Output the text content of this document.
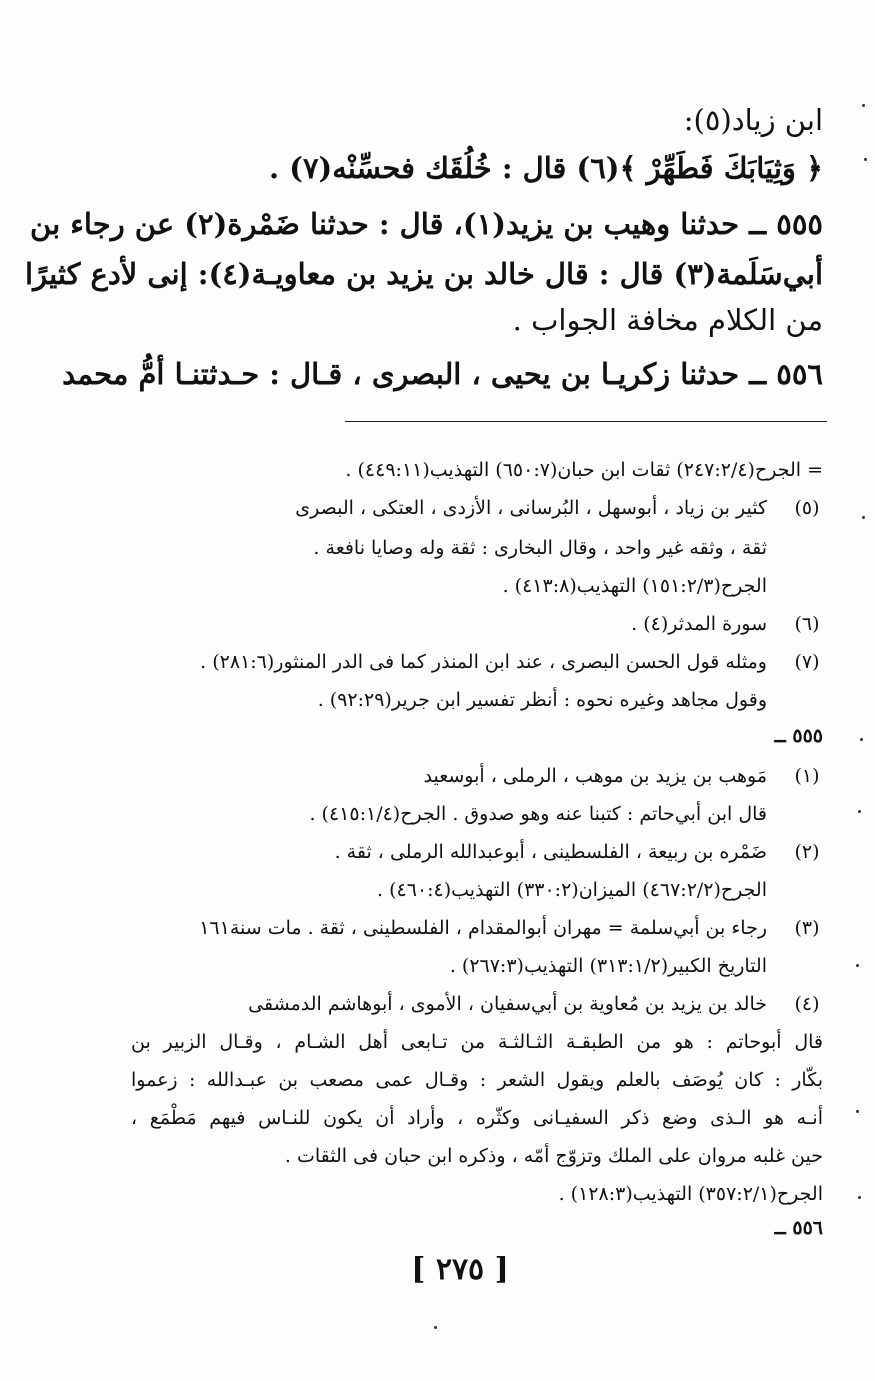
ابن زياد(٥):
﴿ وَثِيَابَكَ فَطَهِّرْ ﴾(٦) قال : خُلُقَك فحسِّنْه(٧) .
٥٥٥ ــ حدثنا وهيب بن يزيد(١)، قال : حدثنا ضَمْرة(٢) عن رجاء بن
أبي‌سَلَمة(٣) قال : قال خالد بن يزيد بن معاويـة(٤): إنى لأدع كثيرًا
من الكلام مخافة الجواب .
٥٥٦ ــ حدثنا زكريـا بن يحيى ، البصرى ، قـال : حـدثتنـا أمُّ محمد
= الجرح(٢٤٧:٢/٤) ثقات ابن حبان(٦٥٠:٧) التهذيب(٤٤٩:١١) .
(٥)
كثير بن زياد ، أبوسهل ، البُرسانى ، الأزدى ، العتكى ، البصرى
ثقة ، وثقه غير واحد ، وقال البخارى : ثقة وله وصايا نافعة .
الجرح(١٥١:٢/٣) التهذيب(٤١٣:٨) .
(٦)
سورة المدثر(٤) .
(٧)
ومثله قول الحسن البصرى ، عند ابن المنذر كما فى الدر المنثور(٢٨١:٦) .
وقول مجاهد وغيره نحوه : أنظر تفسير ابن جرير(٩٢:٢٩) .
٥٥٥ ــ
(١)
مَوهب بن يزيد بن موهب ، الرملى ، أبوسعيد
قال ابن أبي‌حاتم : كتبنا عنه وهو صدوق . الجرح(٤١٥:١/٤) .
(٢)
ضَمْره بن ربيعة ، الفلسطينى ، أبوعبدالله الرملى ، ثقة .
الجرح(٤٦٧:٢/٢) الميزان(٣٣٠:٢) التهذيب(٤٦٠:٤) .
(٣)
رجاء بن أبي‌سلمة = مهران أبوالمقدام ، الفلسطينى ، ثقة . مات سنة١٦١
التاريخ الكبير(٣١٣:١/٢) التهذيب(٢٦٧:٣) .
(٤)
خالد بن يزيد بن مُعاوية بن أبي‌سفيان ، الأموى ، أبوهاشم الدمشقى
قال أبوحاتم : هو من الطبقـة الثـالثـة من تـابعى أهل الشـام ، وقـال الزبير بن
بكّار : كان يُوصَف بالعلم ويقول الشعر : وقـال عمى مصعب بن عبـدالله : زعموا
أنـه هو الـذى وضع ذكر السفيـانى وكثّره ، وأراد أن يكون للنـاس فيهم مَطْمَع ،
حين غلبه مروان على الملك وتزوّج أمّه ، وذكره ابن حبان فى الثقات .
الجرح(٣٥٧:٢/١) التهذيب(١٢٨:٣) .
٥٥٦ ــ
[ ٢٧٥ ]
